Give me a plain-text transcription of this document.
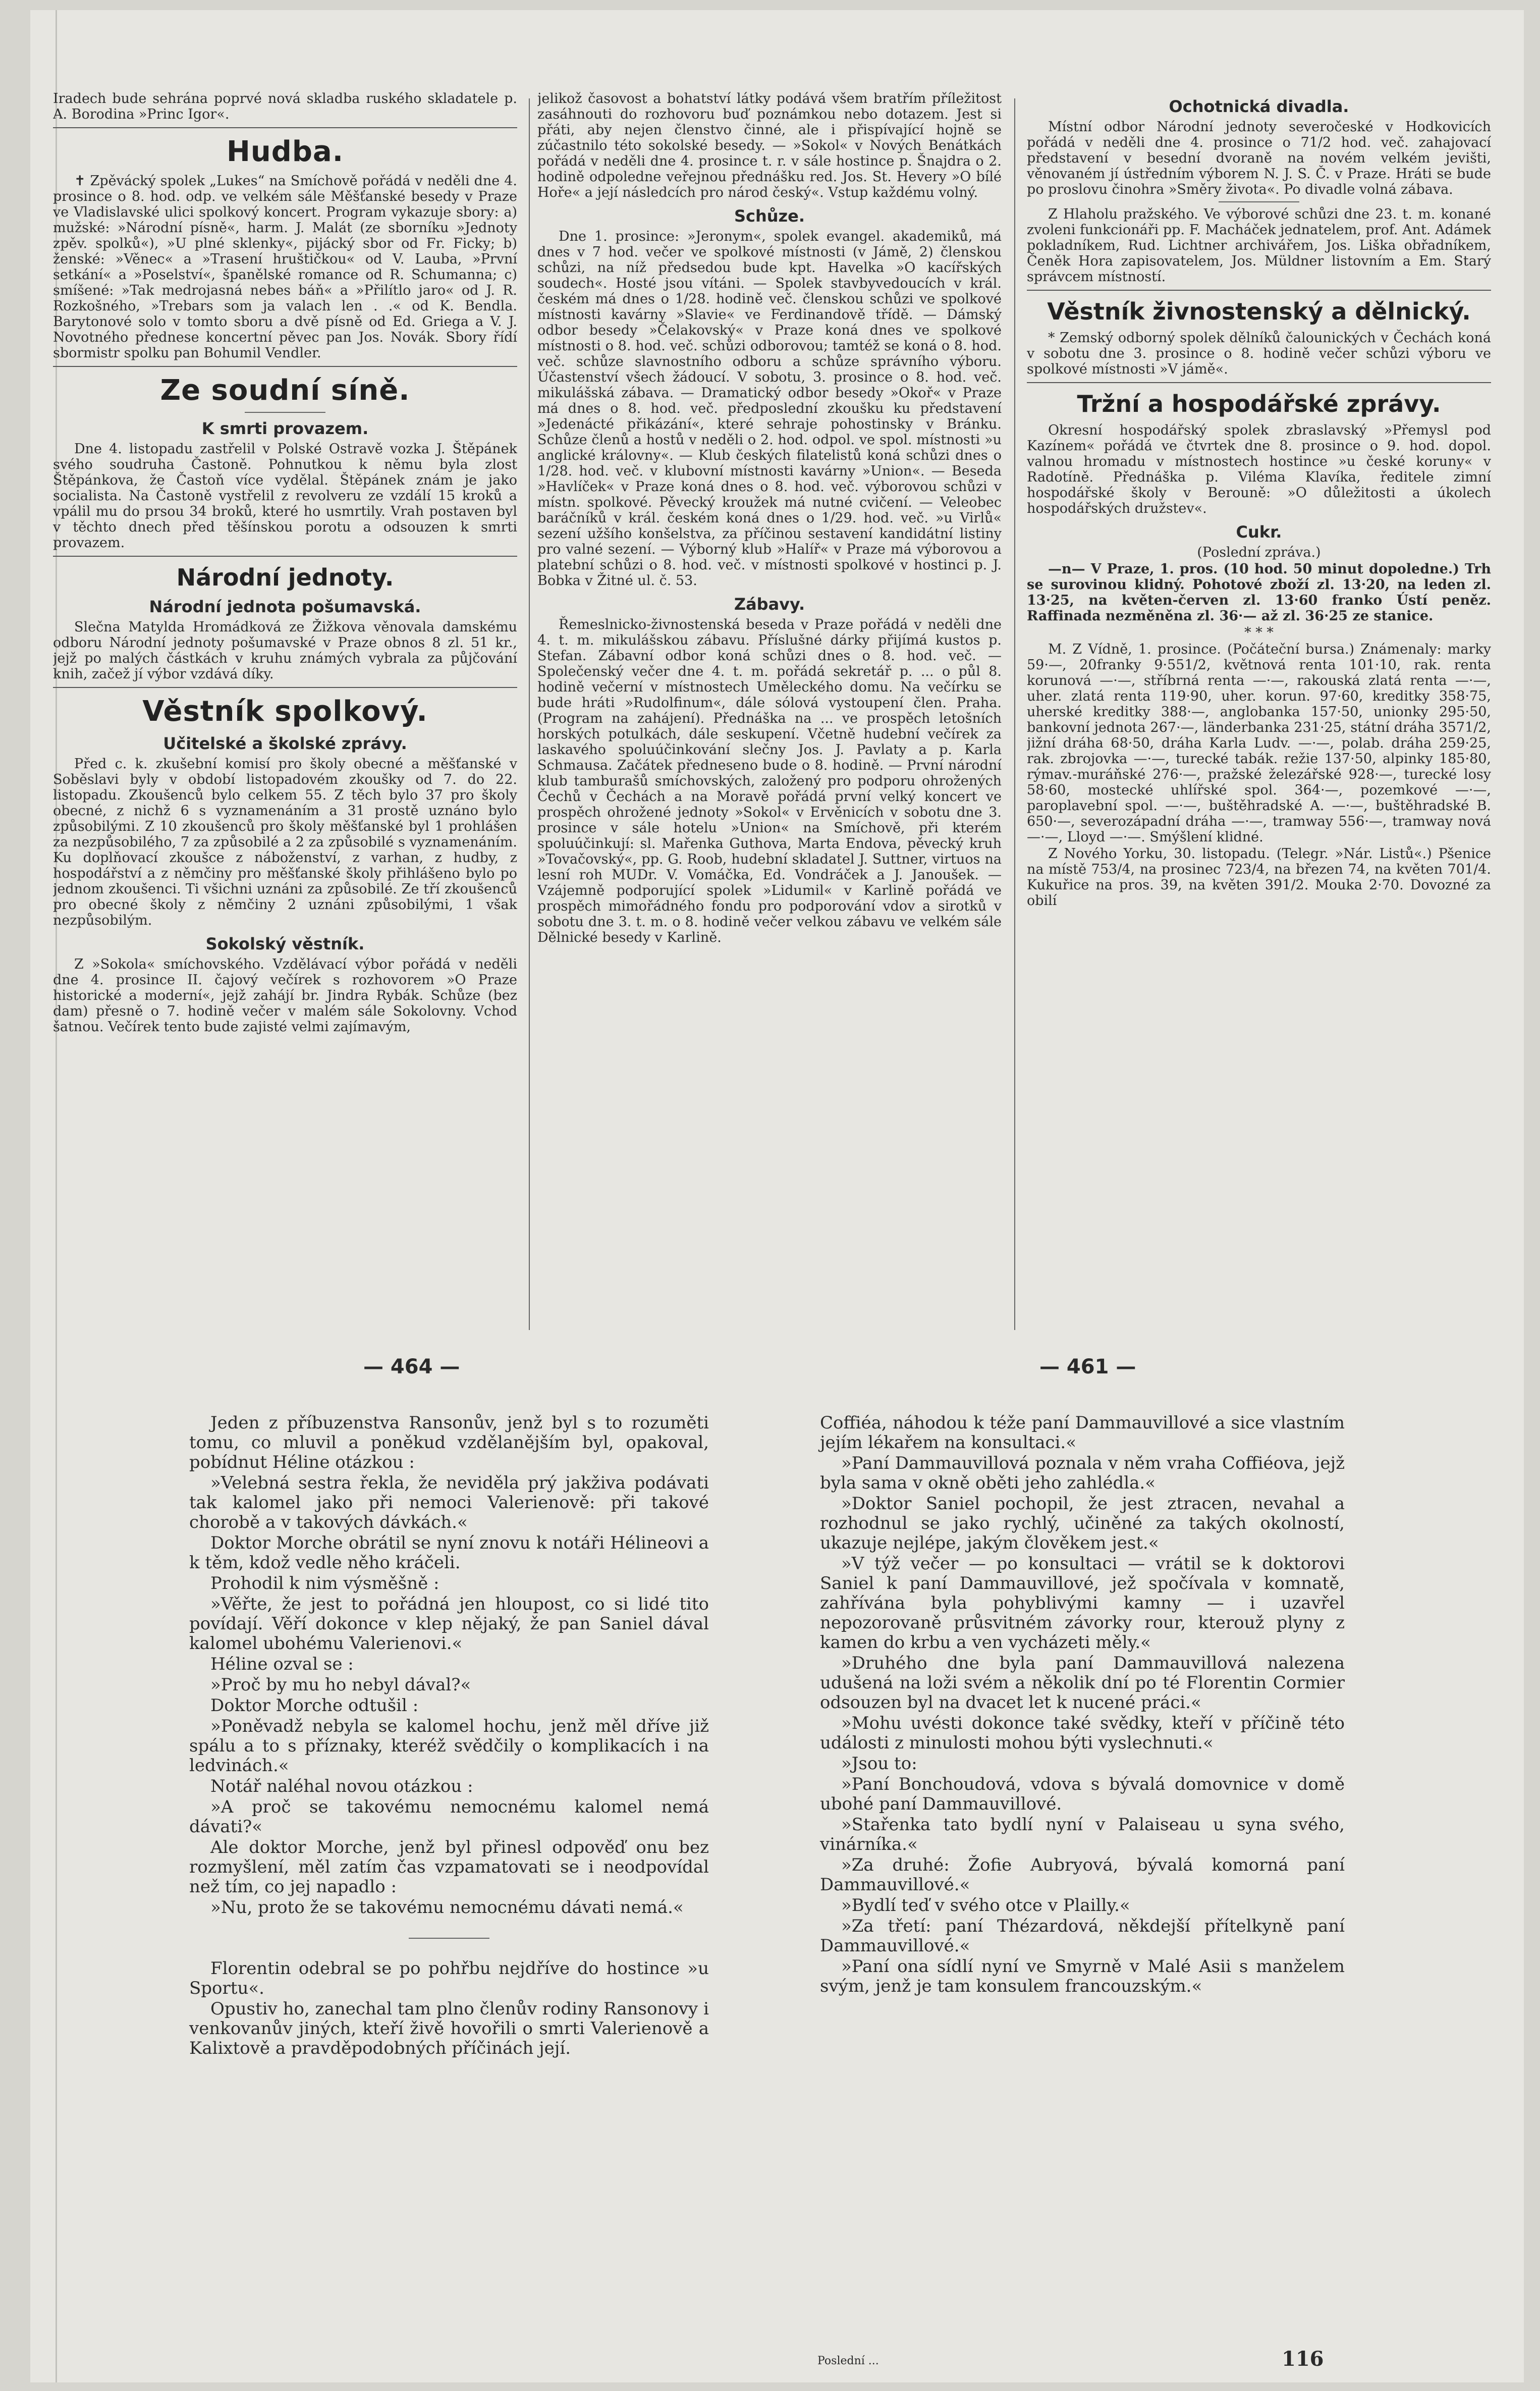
Iradech bude sehrána poprvé nová skladba ruského skladatele p. A. Borodina »Princ Igor«.

Hudba.

✝ Zpěvácký spolek „Lukes“ na Smíchově pořádá v neděli dne 4. prosince o 8. hod. odp. ve velkém sále Měšťanské besedy v Praze ve Vladislavské ulici spolkový koncert. Program vykazuje sbory: a) mužské: »Národní písně«, harm. J. Malát (ze sborníku »Jednoty zpěv. spolků«), »U plné sklenky«, pijácký sbor od Fr. Ficky; b) ženské: »Věnec« a »Trasení hruštičkou« od V. Lauba, »První setkání« a »Poselství«, španělské romance od R. Schumanna; c) smíšené: »Tak medrojasná nebes báň« a »Přilítlo jaro« od J. R. Rozkošného, »Trebars som ja valach len . .« od K. Bendla. Barytonové solo v tomto sboru a dvě písně od Ed. Griega a V. J. Novotného přednese koncertní pěvec pan Jos. Novák. Sbory řídí sbormistr spolku pan Bohumil Vendler.

Ze soudní síně.
K smrti provazem.

Dne 4. listopadu zastřelil v Polské Ostravě vozka J. Štěpánek svého soudruha Častoně. Pohnutkou k němu byla zlost Štěpánkova, že Častoň více vydělal. Štěpánek znám je jako socialista. Na Častoně vystřelil z revolveru ze vzdálí 15 kroků a vpálil mu do prsou 34 broků, které ho usmrtily. Vrah postaven byl v těchto dnech před těšínskou porotu a odsouzen k smrti provazem.

Národní jednoty.
Národní jednota pošumavská.

Slečna Matylda Hromádková ze Žižkova věnovala damskému odboru Národní jednoty pošumavské v Praze obnos 8 zl. 51 kr., jejž po malých částkách v kruhu známých vybrala za půjčování knih, začež jí výbor vzdává díky.

Věstník spolkový.
Učitelské a školské zprávy.

Před c. k. zkušební komisí pro školy obecné a měšťanské v Soběslavi byly v období listopadovém zkoušky od 7. do 22. listopadu. Zkoušenců bylo celkem 55. Z těch bylo 37 pro školy obecné, z nichž 6 s vyznamenáním a 31 prostě uznáno bylo způsobilými. Z 10 zkoušenců pro školy měšťanské byl 1 prohlášen za nezpůsobilého, 7 za způsobilé a 2 za způsobilé s vyznamenáním. Ku doplňovací zkoušce z náboženství, z varhan, z hudby, z hospodářství a z němčiny pro měšťanské školy přihlášeno bylo po jednom zkoušenci. Ti všichni uznáni za způsobilé. Ze tří zkoušenců pro obecné školy z němčiny 2 uznáni způsobilými, 1 však nezpůsobilým.

Sokolský věstník.

Z »Sokola« smíchovského. Vzdělávací výbor pořádá v neděli dne 4. prosince II. čajový večírek s rozhovorem »O Praze historické a moderní«, jejž zahájí br. Jindra Rybák. Schůze (bez dam) přesně o 7. hodině večer v malém sále Sokolovny. Vchod šatnou. Večírek tento bude zajisté velmi zajímavým,

jelikož časovost a bohatství látky podává všem bratřím příležitost zasáhnouti do rozhovoru buď poznámkou nebo dotazem. Jest si přáti, aby nejen členstvo činné, ale i přispívající hojně se zúčastnilo této sokolské besedy. — »Sokol« v Nových Benátkách pořádá v neděli dne 4. prosince t. r. v sále hostince p. Šnajdra o 2. hodině odpoledne veřejnou přednášku red. Jos. St. Hevery »O bílé Hoře« a její následcích pro národ český«. Vstup každému volný.

Schůze.

Dne 1. prosince: »Jeronym«, spolek evangel. akademiků, má dnes v 7 hod. večer ve spolkové místnosti (v Jámě, 2) členskou schůzi, na níž předsedou bude kpt. Havelka »O kacířských soudech«. Hosté jsou vítáni. — Spolek stavbyvedoucích v král. českém má dnes o 1/28. hodině več. členskou schůzi ve spolkové místnosti kavárny »Slavie« ve Ferdinandově třídě. — Dámský odbor besedy »Čelakovský« v Praze koná dnes ve spolkové místnosti o 8. hod. več. schůzi odborovou; tamtéž se koná o 8. hod. več. schůze slavnostního odboru a schůze správního výboru. Účastenství všech žádoucí. V sobotu, 3. prosince o 8. hod. več. mikulášská zábava. — Dramatický odbor besedy »Okoř« v Praze má dnes o 8. hod. več. předposlední zkoušku ku představení »Jedenácté přikázání«, které sehraje pohostinsky v Bránku. Schůze členů a hostů v neděli o 2. hod. odpol. ve spol. místnosti »u anglické královny«. — Klub českých filatelistů koná schůzi dnes o 1/28. hod. več. v klubovní místnosti kavárny »Union«. — Beseda »Havlíček« v Praze koná dnes o 8. hod. več. výborovou schůzi v místn. spolkové. Pěvecký kroužek má nutné cvičení. — Veleobec baráčníků v král. českém koná dnes o 1/29. hod. več. »u Virlů« sezení užšího konšelstva, za příčinou sestavení kandidátní listiny pro valné sezení. — Výborný klub »Halíř« v Praze má výborovou a platební schůzi o 8. hod. več. v místnosti spolkové v hostinci p. J. Bobka v Žitné ul. č. 53.

Zábavy.

Řemeslnicko-živnostenská beseda v Praze pořádá v neděli dne 4. t. m. mikulášskou zábavu. Příslušné dárky přijímá kustos p. Stefan. Zábavní odbor koná schůzi dnes o 8. hod. več. — Společenský večer dne 4. t. m. pořádá sekretář p. ... o půl 8. hodině večerní v místnostech Uměleckého domu. Na večírku se bude hráti »Rudolfinum«, dále sólová vystoupení člen. Praha. (Program na zahájení). Přednáška na ... ve prospěch letošních horských potulkách, dále seskupení. Včetně hudební večírek za laskavého spoluúčinkování slečny Jos. J. Pavlaty a p. Karla Schmausa. Začátek předneseno bude o 8. hodině. — První národní klub tamburašů smíchovských, založený pro podporu ohrožených Čechů v Čechách a na Moravě pořádá první velký koncert ve prospěch ohrožené jednoty »Sokol« v Ervěnicích v sobotu dne 3. prosince v sále hotelu »Union« na Smíchově, při kterém spoluúčinkují: sl. Mařenka Guthova, Marta Endova, pěvecký kruh »Tovačovský«, pp. G. Roob, hudební skladatel J. Suttner, virtuos na lesní roh MUDr. V. Vomáčka, Ed. Vondráček a J. Janoušek. — Vzájemně podporující spolek »Lidumil« v Karlině pořádá ve prospěch mimořádného fondu pro podporování vdov a sirotků v sobotu dne 3. t. m. o 8. hodině večer velkou zábavu ve velkém sále Dělnické besedy v Karlině.

Ochotnická divadla.

Místní odbor Národní jednoty severočeské v Hodkovicích pořádá v neděli dne 4. prosince o 71/2 hod. več. zahajovací představení v besední dvoraně na novém velkém jevišti, věnovaném jí ústředním výborem N. J. S. Č. v Praze. Hráti se bude po proslovu činohra »Směry života«. Po divadle volná zábava.

Z Hlaholu pražského. Ve výborové schůzi dne 23. t. m. konané zvoleni funkcionáři pp. F. Macháček jednatelem, prof. Ant. Adámek pokladníkem, Rud. Lichtner archivářem, Jos. Liška obřadníkem, Čeněk Hora zapisovatelem, Jos. Müldner listovním a Em. Starý správcem místností.

Věstník živnostenský a dělnický.

* Zemský odborný spolek dělníků čalounických v Čechách koná v sobotu dne 3. prosince o 8. hodině večer schůzi výboru ve spolkové místnosti »V jámě«.

Tržní a hospodářské zprávy.

Okresní hospodářský spolek zbraslavský »Přemysl pod Kazínem« pořádá ve čtvrtek dne 8. prosince o 9. hod. dopol. valnou hromadu v místnostech hostince »u české koruny« v Radotíně. Přednáška p. Viléma Klavíka, ředitele zimní hospodářské školy v Berouně: »O důležitosti a úkolech hospodářských družstev«.

Cukr.
(Poslední zpráva.)

—n— V Praze, 1. pros. (10 hod. 50 minut dopoledne.) Trh se surovinou klidný. Pohotové zboží zl. 13·20, na leden zl. 13·25, na květen-červen zl. 13·60 franko Ústí peněz. Raffinada nezměněna zl. 36·— až zl. 36·25 ze stanice.

* * *

M. Z Vídně, 1. prosince. (Počáteční bursa.) Známenaly: marky 59·—, 20franky 9·551/2, květnová renta 101·10, rak. renta korunová —·—, stříbrná renta —·—, rakouská zlatá renta —·—, uher. zlatá renta 119·90, uher. korun. 97·60, kreditky 358·75, uherské kreditky 388·—, anglobanka 157·50, unionky 295·50, bankovní jednota 267·—, länderbanka 231·25, státní dráha 3571/2, jižní dráha 68·50, dráha Karla Ludv. —·—, polab. dráha 259·25, rak. zbrojovka —·—, turecké tabák. režie 137·50, alpinky 185·80, rýmav.-muráňské 276·—, pražské železářské 928·—, turecké losy 58·60, mostecké uhlířské spol. 364·—, pozemkové —·—, paroplavební spol. —·—, buštěhradské A. —·—, buštěhradské B. 650·—, severozápadní dráha —·—, tramway 556·—, tramway nová —·—, Lloyd —·—. Smýšlení klidné.

Z Nového Yorku, 30. listopadu. (Telegr. »Nár. Listů«.) Pšenice na místě 753/4, na prosinec 723/4, na březen 74, na květen 701/4. Kukuřice na pros. 39, na květen 391/2. Mouka 2·70. Dovozné za obilí

— 464 —	— 461 —

Jeden z příbuzenstva Ransonův, jenž byl s to rozuměti tomu, co mluvil a poněkud vzdělanějším byl, opakoval, pobídnut Héline otázkou :

»Velebná sestra řekla, že neviděla prý jakživa podávati tak kalomel jako při nemoci Valerienově: při takové chorobě a v takových dávkách.«

Doktor Morche obrátil se nyní znovu k notáři Hélineovi a k těm, kdož vedle něho kráčeli.

Prohodil k nim výsměšně :

»Věřte, že jest to pořádná jen hloupost, co si lidé tito povídají. Věří dokonce v klep nějaký, že pan Saniel dával kalomel ubohému Valerienovi.«

Héline ozval se :

»Proč by mu ho nebyl dával?«

Doktor Morche odtušil :

»Poněvadž nebyla se kalomel hochu, jenž měl dříve již spálu a to s příznaky, kteréž svědčily o komplikacích i na ledvinách.«

Notář naléhal novou otázkou :

»A proč se takovému nemocnému kalomel nemá dávati?«

Ale doktor Morche, jenž byl přinesl odpověď onu bez rozmyšlení, měl zatím čas vzpamatovati se i neodpovídal než tím, co jej napadlo :

»Nu, proto že se takovému nemocnému dávati nemá.«

Florentin odebral se po pohřbu nejdříve do hostince »u Sportu«.

Opustiv ho, zanechal tam plno členův rodiny Ransonovy i venkovanův jiných, kteří živě hovořili o smrti Valerienově a Kalixtově a pravděpodobných příčinách její.

Coffiéa, náhodou k téže paní Dammauvillové a sice vlastním jejím lékařem na konsultaci.«

»Paní Dammauvillová poznala v něm vraha Coffiéova, jejž byla sama v okně oběti jeho zahlédla.«

»Doktor Saniel pochopil, že jest ztracen, nevahal a rozhodnul se jako rychlý, učiněné za takých okolností, ukazuje nejlépe, jakým člověkem jest.«

»V týž večer — po konsultaci — vrátil se k doktorovi Saniel k paní Dammauvillové, jež spočívala v komnatě, zahřívána byla pohyblivými kamny — i uzavřel nepozorovaně průsvitném závorky rour, kterouž plyny z kamen do krbu a ven vycházeti měly.«

»Druhého dne byla paní Dammauvillová nalezena udušená na loži svém a několik dní po té Florentin Cormier odsouzen byl na dvacet let k nucené práci.«

»Mohu uvésti dokonce také svědky, kteří v příčině této události z minulosti mohou býti vyslechnuti.«

»Jsou to:

»Paní Bonchoudová, vdova s bývalá domovnice v domě ubohé paní Dammauvillové.

»Stařenka tato bydlí nyní v Palaiseau u syna svého, vinárníka.«

»Za druhé: Žofie Aubryová, bývalá komorná paní Dammauvillové.«

»Bydlí teď v svého otce v Plailly.«

»Za třetí: paní Thézardová, někdejší přítelkyně paní Dammauvillové.«

»Paní ona sídlí nyní ve Smyrně v Malé Asii s manželem svým, jenž je tam konsulem francouzským.«

Poslední ...	116
